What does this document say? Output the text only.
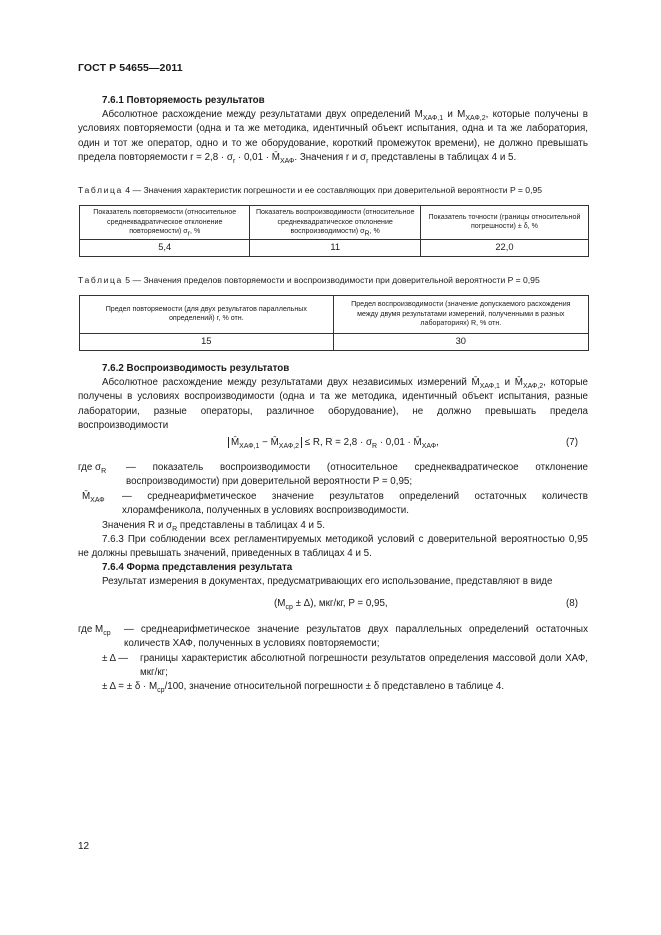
ГОСТ Р 54655—2011
7.6.1 Повторяемость результатов
Абсолютное расхождение между результатами двух определений $M_{ХАФ,1}$ и $M_{ХАФ,2}$, которые получены в условиях повторяемости (одна и та же методика, идентичный объект испытания, одна и та же лаборатория, один и тот же оператор, одно и то же оборудование, короткий промежуток времени), не должно превышать предела повторяемости $r = 2,8 \cdot \sigma_r \cdot 0,01$ · $M̄_{ХАФ}$. Значения r и $\sigma_r$ представлены в таблицах 4 и 5.
Таблица 4 — Значения характеристик погрешности и ее составляющих при доверительной вероятности P = 0,95
Показатель повторяемости (относительное среднеквадратическое отклонение повторяемости) $\sigma_r$, %	Показатель воспроизводимости (относительное среднеквадратическое отклонение воспроизводимости) $\sigma_R$, %	Показатель точности (границы относительной погрешности) ± δ, %
5,4	11	22,0
Таблица 5 — Значения пределов повторяемости и воспроизводимости при доверительной вероятности P = 0,95
Предел повторяемости (для двух результатов параллельных определений) r, % отн.	Предел воспроизводимости (значение допускаемого расхождения между двумя результатами измерений, полученными в разных лабораториях) R, % отн.
15	30
7.6.2 Воспроизводимость результатов
Абсолютное расхождение между результатами двух независимых измерений $M̄_{ХАФ,1}$ и $M̄_{ХАФ,2}$, которые получены в условиях воспроизводимости (одна и та же методика, идентичный объект испытания, разные лаборатории, разные операторы, различное оборудование), не должно превышать предела воспроизводимости
$M̄_{ХАФ,1}$ − $M̄_{ХАФ,2} \le R$, $R = 2,8 \cdot \sigma_R \cdot 0,01$ · $M̄_{ХАФ}$,	(7)
где $\sigma_R$ — показатель воспроизводимости (относительное среднеквадратическое отклонение воспроизводимости) при доверительной вероятности P = 0,95;
$M̄_{ХАФ}$ — среднеарифметическое значение результатов определений остаточных количеств хлорамфеникола, полученных в условиях воспроизводимости.
Значения R и $\sigma_R$ представлены в таблицах 4 и 5.
7.6.3 При соблюдении всех регламентируемых методикой условий с доверительной вероятностью 0,95 не должны превышать значений, приведенных в таблицах 4 и 5.
7.6.4 Форма представления результата
Результат измерения в документах, предусматривающих его использование, представляют в виде
$(M_{ср} \pm \Delta)$, мкг/кг, P = 0,95,	(8)
где $M_{ср}$ — среднеарифметическое значение результатов двух параллельных определений остаточных количеств ХАФ, полученных в условиях повторяемости;
± Δ — границы характеристик абсолютной погрешности результатов определения массовой доли ХАФ, мкг/кг;
± Δ = ± $\delta \cdot M_{ср}/100$, значение относительной погрешности ± δ представлено в таблице 4.
12
